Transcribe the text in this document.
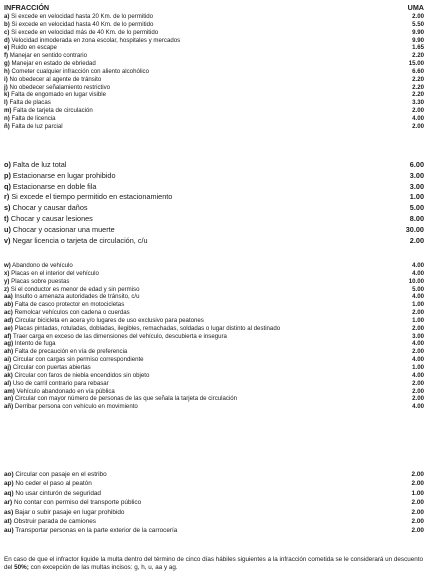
INFRACCIÓN	UMA
a) Si excede en velocidad hasta 20 Km. de lo permitido	2.00
b) Si excede en velocidad hasta 40 Km. de lo permitido	5.50
c) Si excede en velocidad más de 40 Km. de lo permitido	9.90
d) Velocidad inmoderada en zona escolar, hospitales y mercados	9.90
e) Ruido en escape	1.65
f) Manejar en sentido contrario	2.20
g) Manejar en estado de ebriedad	15.00
h) Cometer cualquier infracción con aliento alcohólico	6.60
i) No obedecer al agente de tránsito	2.20
j) No obedecer señalamiento restrictivo	2.20
k) Falta de engomado en lugar visible	2.20
l) Falta de placas	3.30
m) Falta de tarjeta de circulación	2.00
n) Falta de licencia	4.00
ñ) Falta de luz parcial	2.00
o) Falta de luz total	6.00
p) Estacionarse en lugar prohibido	3.00
q) Estacionarse en doble fila	3.00
r) Si excede el tiempo permitido en estacionamiento	1.00
s) Chocar y causar daños	5.00
t) Chocar y causar lesiones	8.00
u) Chocar y ocasionar una muerte	30.00
v) Negar licencia o tarjeta de circulación, c/u	2.00
w) Abandono de vehículo	4.00
x) Placas en el interior del vehículo	4.00
y) Placas sobre puestas	10.00
z) Si el conductor es menor de edad y sin permiso	5.00
aa) Insulto o amenaza autoridades de tránsito, c/u	4.00
ab) Falta de casco protector en motocicletas	1.00
ac) Remolcar vehículos con cadena o cuerdas	2.00
ad) Circular bicicleta en acera y/o lugares de uso exclusivo para peatones	1.00
ae) Placas pintadas, rotuladas, dobladas, ilegibles, remachadas, soldadas o lugar distinto al destinado	2.00
af) Traer carga en exceso de las dimensiones del vehículo, descubierta e insegura	3.00
ag) Intento de fuga	4.00
ah) Falta de precaución en vía de preferencia	2.00
ai) Circular con cargas sin permiso correspondiente	4.00
aj) Circular con puertas abiertas	1.00
ak) Circular con faros de niebla encendidos sin objeto	4.00
al) Uso de carril contrario para rebasar	2.00
am) Vehículo abandonado en vía pública	2.00
an) Circular con mayor número de personas de las que señala la tarjeta de circulación	2.00
añ) Derribar persona con vehículo en movimiento	4.00
ao) Circular con pasaje en el estribo	2.00
ap) No ceder el paso al peatón	2.00
aq) No usar cinturón de seguridad	1.00
ar) No contar con permiso del transporte público	2.00
as) Bajar o subir pasaje en lugar prohibido	2.00
at) Obstruir parada de camiones	2.00
au) Transportar personas en la parte exterior de la carrocería	2.00
En caso de que el infractor liquide la multa dentro del término de cinco días hábiles siguientes a la infracción cometida se le considerará un descuento del 50%; con excepción de las multas incisos: g, h, u, aa y ag.
